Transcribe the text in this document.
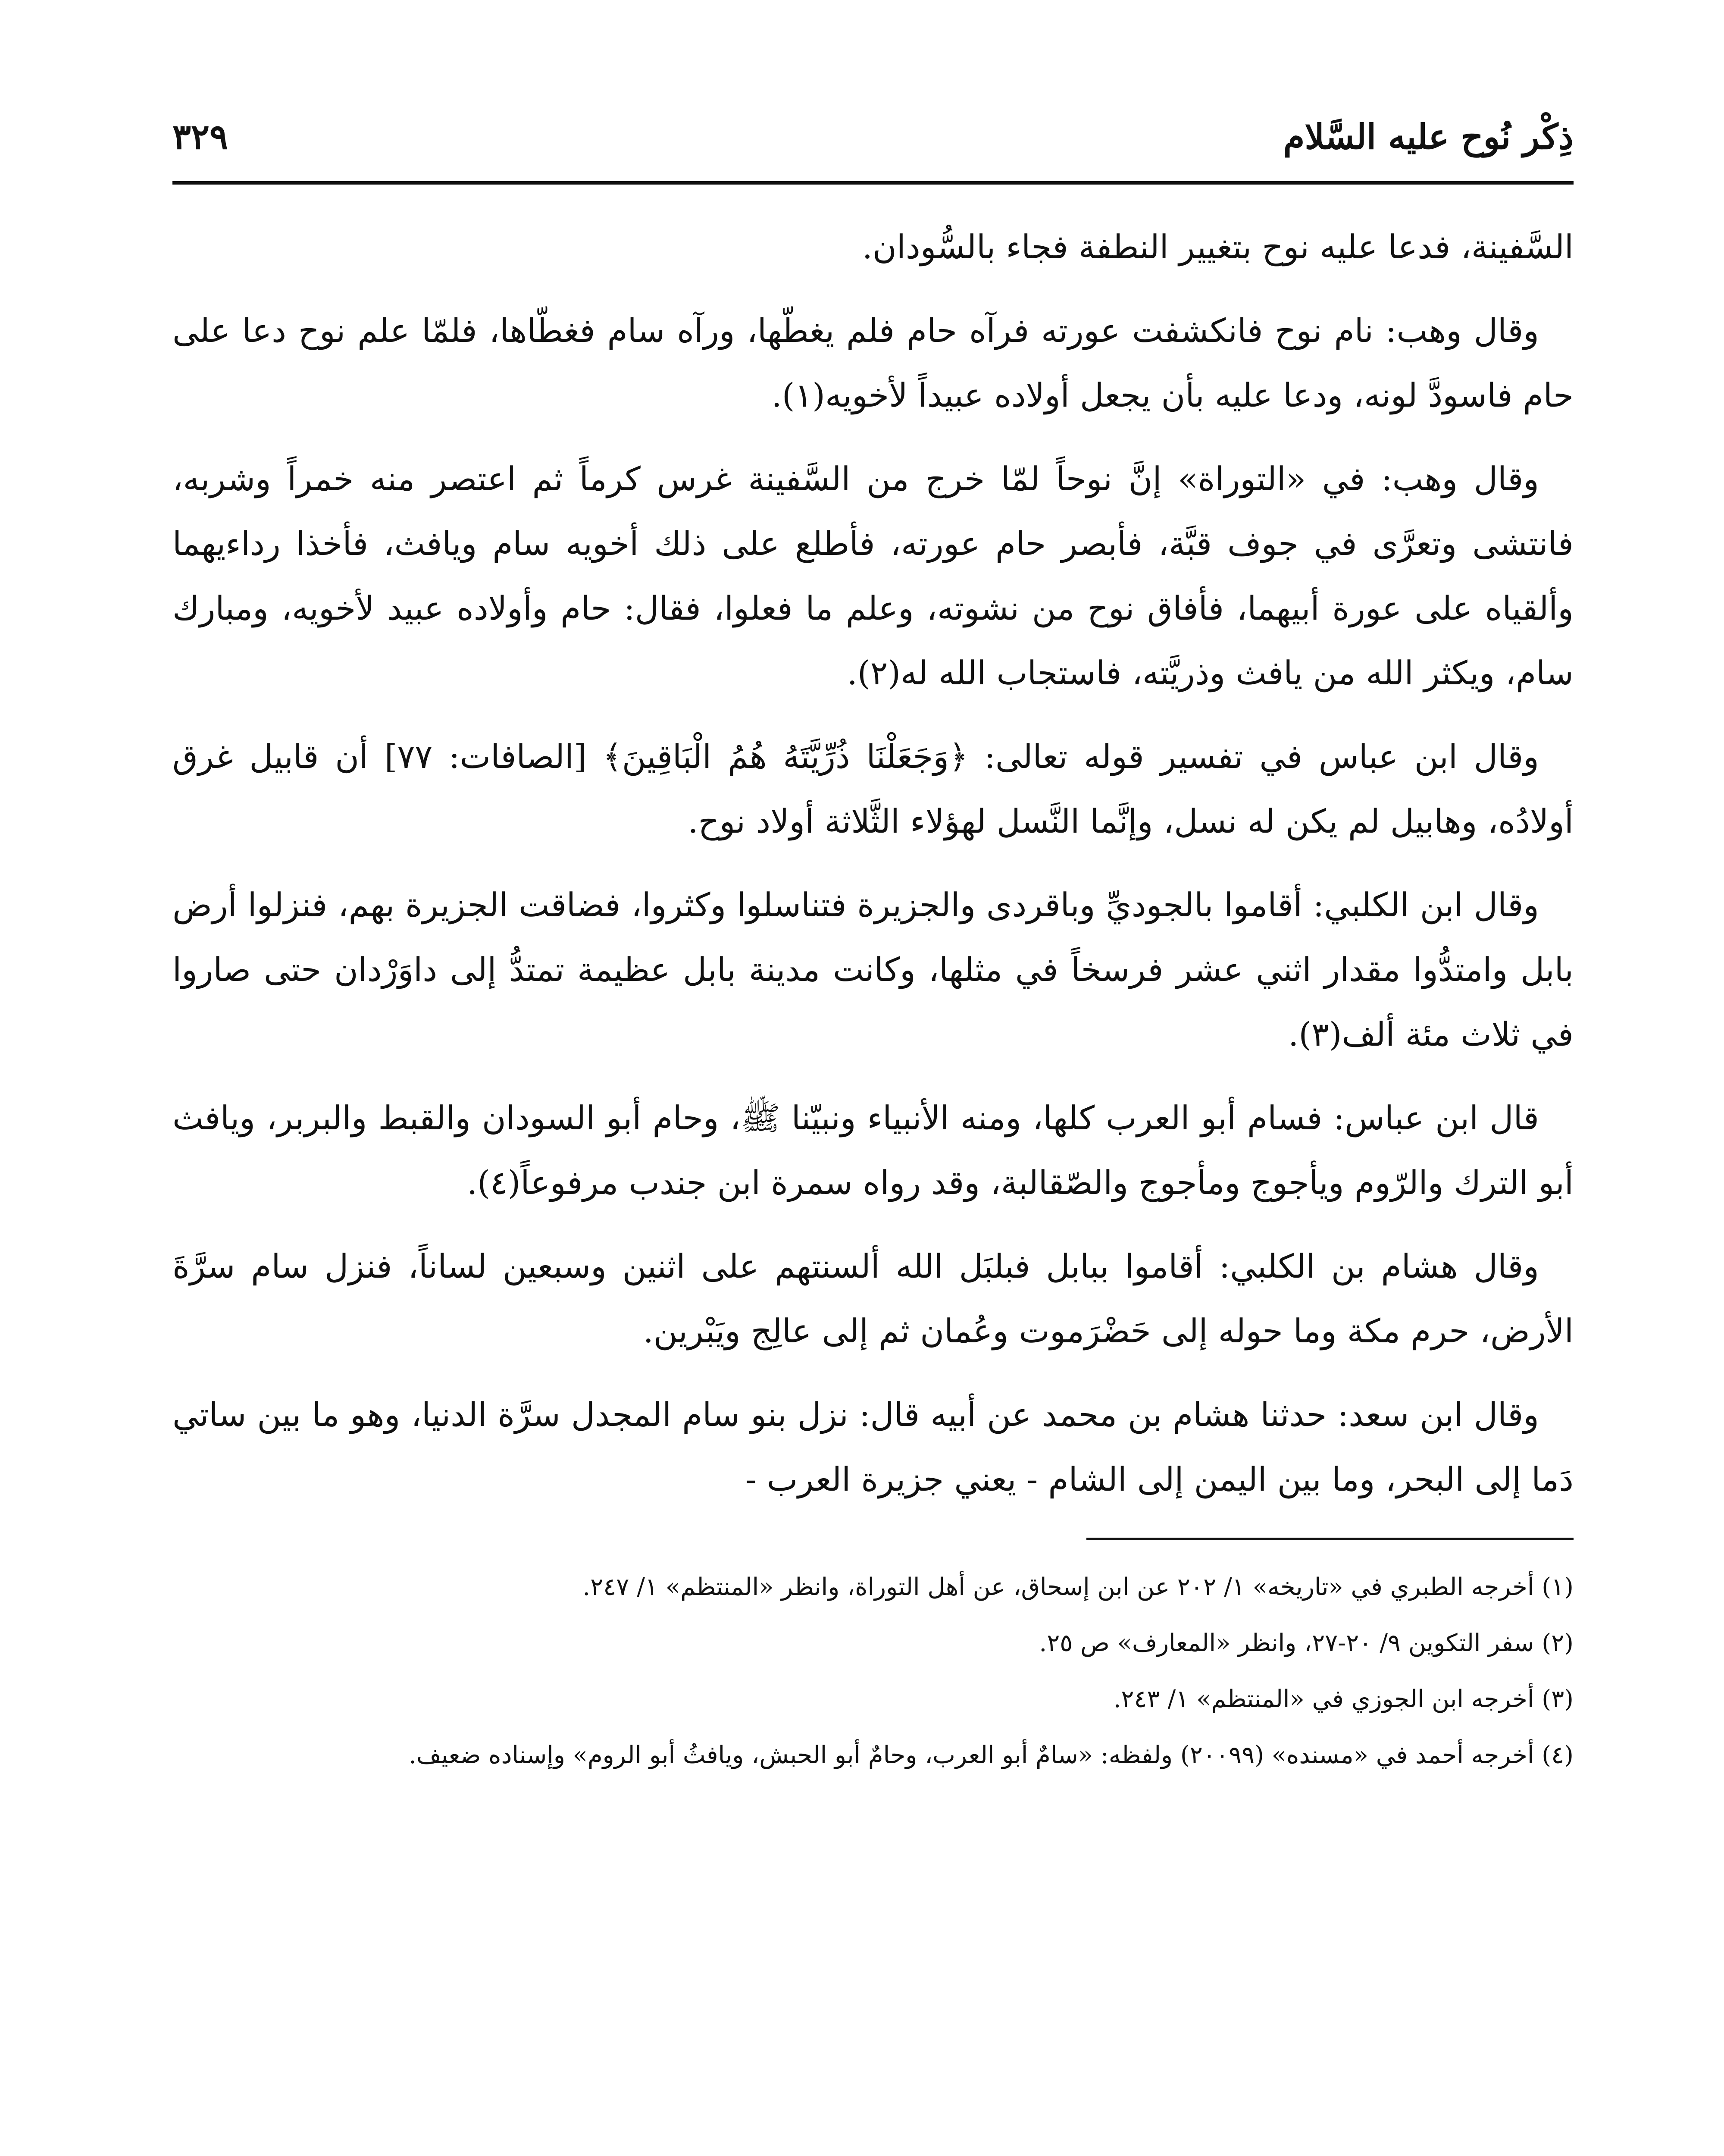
ذِكْر نُوح عليه السَّلام
٣٢٩

السَّفينة، فدعا عليه نوح بتغيير النطفة فجاء بالسُّودان.

وقال وهب: نام نوح فانكشفت عورته فرآه حام فلم يغطّها، ورآه سام فغطّاها، فلمّا علم نوح دعا على حام فاسودَّ لونه، ودعا عليه بأن يجعل أولاده عبيداً لأخويه(١).

وقال وهب: في «التوراة» إنَّ نوحاً لمّا خرج من السَّفينة غرس كرماً ثم اعتصر منه خمراً وشربه، فانتشى وتعرَّى في جوف قبَّة، فأبصر حام عورته، فأطلع على ذلك أخويه سام ويافث، فأخذا رداءيهما وألقياه على عورة أبيهما، فأفاق نوح من نشوته، وعلم ما فعلوا، فقال: حام وأولاده عبيد لأخويه، ومبارك سام، ويكثر الله من يافث وذريَّته، فاستجاب الله له(٢).

وقال ابن عباس في تفسير قوله تعالى: ﴿وَجَعَلْنَا ذُرِّيَّتَهُ هُمُ الْبَاقِينَ﴾ [الصافات: ٧٧] أن قابيل غرق أولادُه، وهابيل لم يكن له نسل، وإنَّما النَّسل لهؤلاء الثَّلاثة أولاد نوح.

وقال ابن الكلبي: أقاموا بالجوديِّ وباقردى والجزيرة فتناسلوا وكثروا، فضاقت الجزيرة بهم، فنزلوا أرض بابل وامتدُّوا مقدار اثني عشر فرسخاً في مثلها، وكانت مدينة بابل عظيمة تمتدُّ إلى داوَرْدان حتى صاروا في ثلاث مئة ألف(٣).

قال ابن عباس: فسام أبو العرب كلها، ومنه الأنبياء ونبيّنا ﷺ، وحام أبو السودان والقبط والبربر، ويافث أبو الترك والرّوم ويأجوج ومأجوج والصّقالبة، وقد رواه سمرة ابن جندب مرفوعاً(٤).

وقال هشام بن الكلبي: أقاموا ببابل فبلبَل الله ألسنتهم على اثنين وسبعين لساناً، فنزل سام سرَّةَ الأرض، حرم مكة وما حوله إلى حَضْرَموت وعُمان ثم إلى عالِج ويَبْرين.

وقال ابن سعد: حدثنا هشام بن محمد عن أبيه قال: نزل بنو سام المجدل سرَّة الدنيا، وهو ما بين ساتي دَما إلى البحر، وما بين اليمن إلى الشام - يعني جزيرة العرب -

(١) أخرجه الطبري في «تاريخه» ١/ ٢٠٢ عن ابن إسحاق، عن أهل التوراة، وانظر «المنتظم» ١/ ٢٤٧.

(٢) سفر التكوين ٩/ ٢٠-٢٧، وانظر «المعارف» ص ٢٥.

(٣) أخرجه ابن الجوزي في «المنتظم» ١/ ٢٤٣.

(٤) أخرجه أحمد في «مسنده» (٢٠٠٩٩) ولفظه: «سامٌ أبو العرب، وحامٌ أبو الحبش، ويافثُ أبو الروم» وإسناده ضعيف.
